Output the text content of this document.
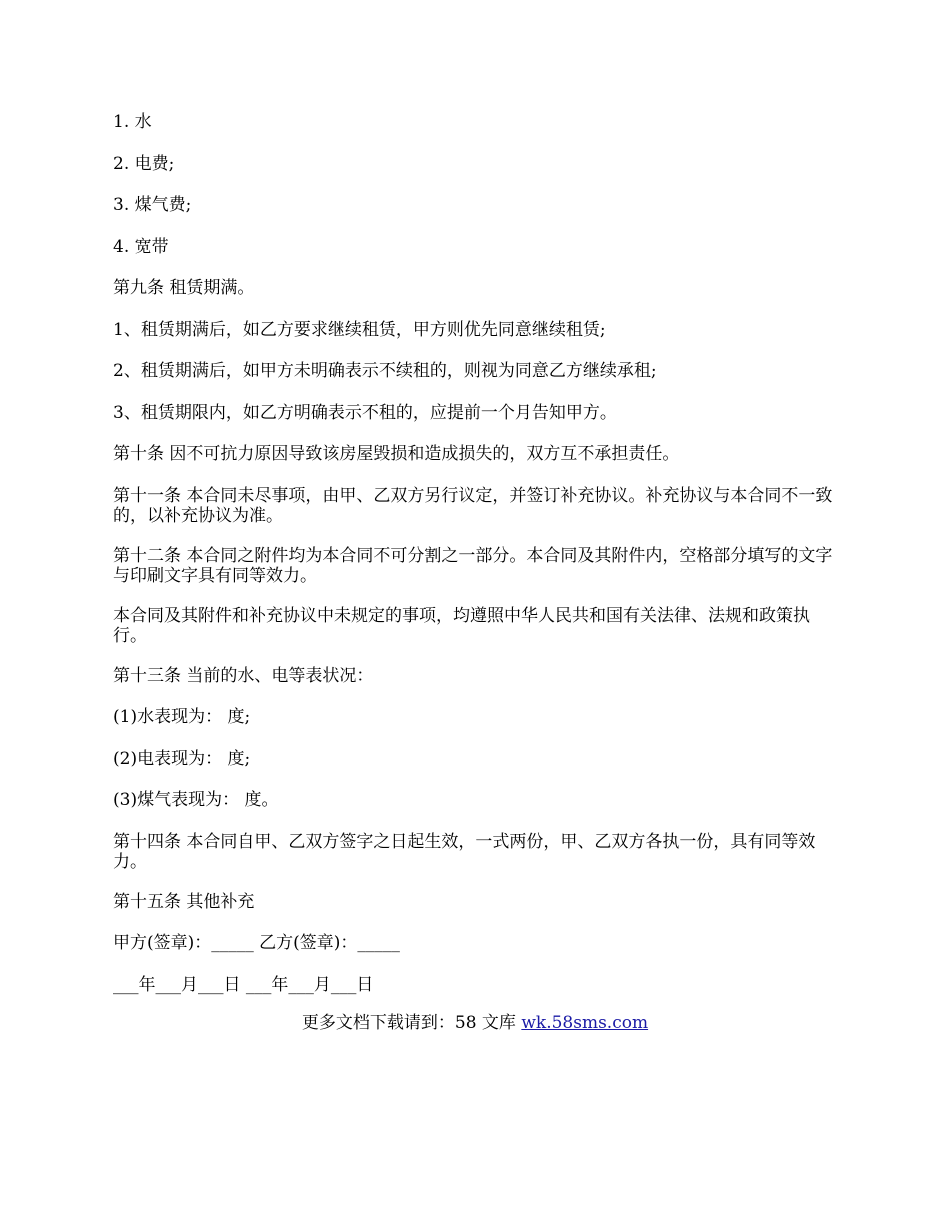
1. 水

2. 电费;

3. 煤气费;

4. 宽带

第九条 租赁期满。

1、租赁期满后，如乙方要求继续租赁，甲方则优先同意继续租赁;

2、租赁期满后，如甲方未明确表示不续租的，则视为同意乙方继续承租;

3、租赁期限内，如乙方明确表示不租的，应提前一个月告知甲方。

第十条 因不可抗力原因导致该房屋毁损和造成损失的，双方互不承担责任。

第十一条 本合同未尽事项，由甲、乙双方另行议定，并签订补充协议。补充协议与本合同不一致的，以补充协议为准。

第十二条 本合同之附件均为本合同不可分割之一部分。本合同及其附件内，空格部分填写的文字与印刷文字具有同等效力。

本合同及其附件和补充协议中未规定的事项，均遵照中华人民共和国有关法律、法规和政策执行。

第十三条 当前的水、电等表状况：

(1)水表现为： 度;

(2)电表现为： 度;

(3)煤气表现为： 度。

第十四条 本合同自甲、乙双方签字之日起生效，一式两份，甲、乙双方各执一份，具有同等效力。

第十五条 其他补充

甲方(签章)：_____ 乙方(签章)：_____

___年___月___日 ___年___月___日

更多文档下载请到：58 文库 wk.58sms.com
